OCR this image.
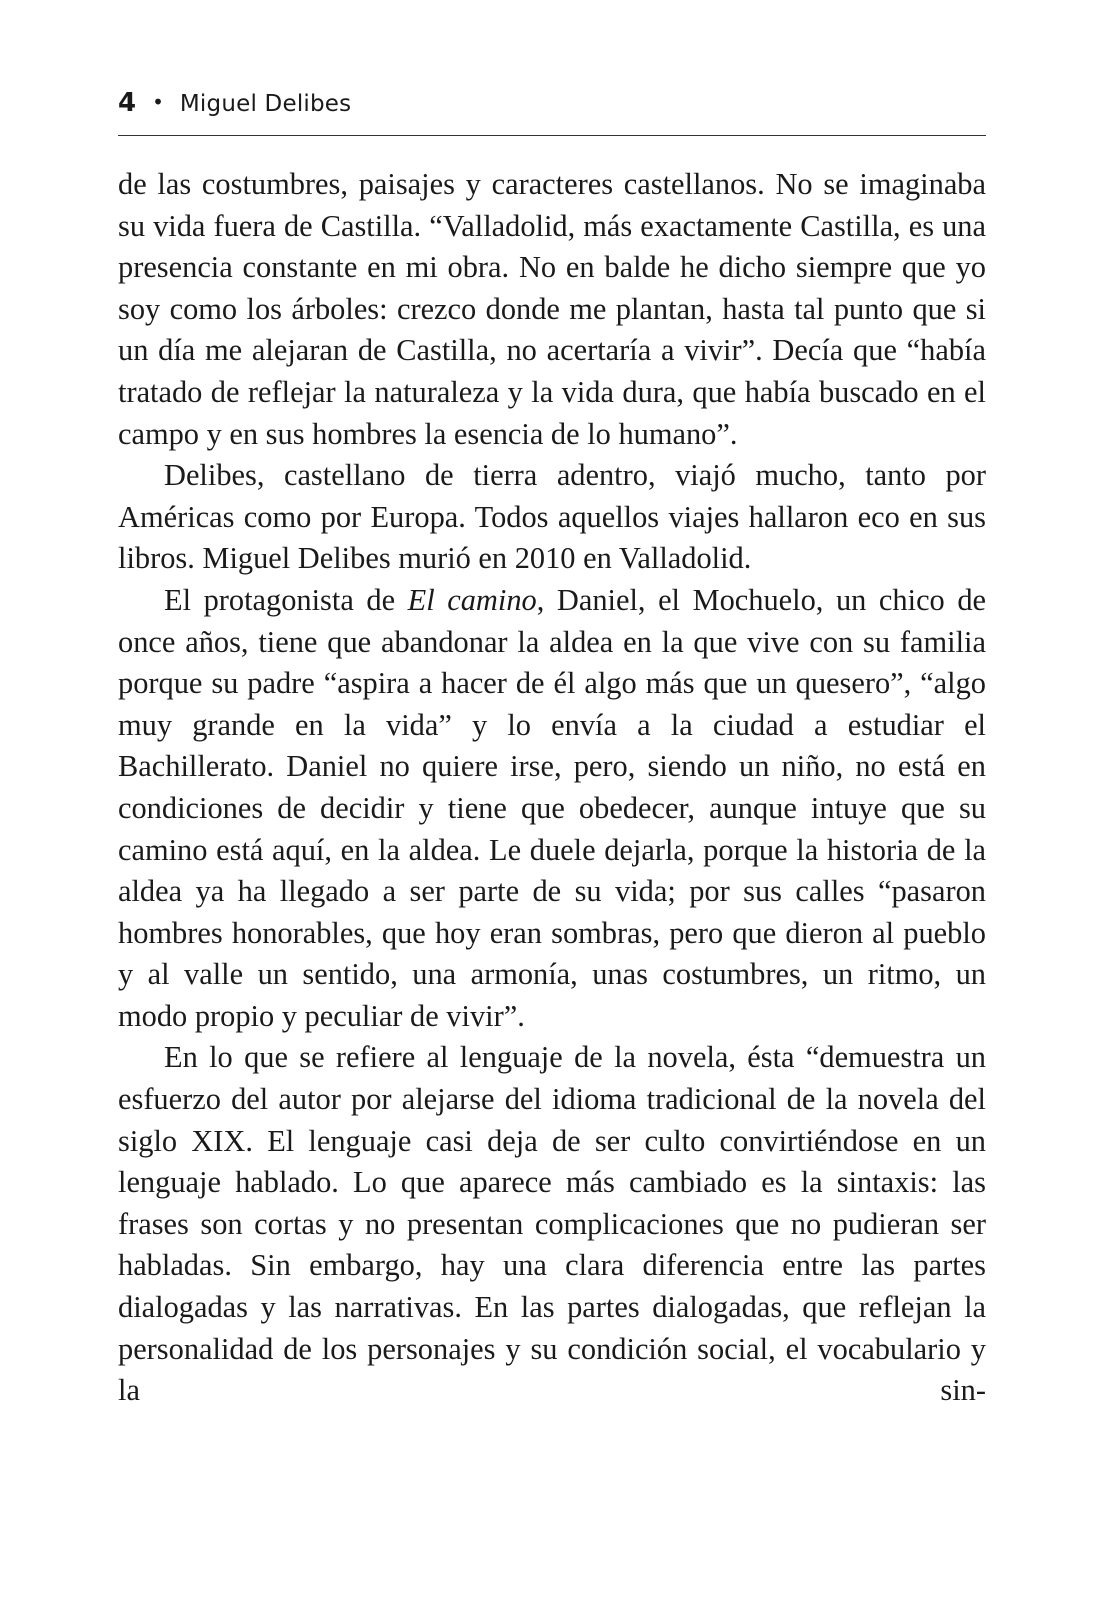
4 • Miguel Delibes

de las costumbres, paisajes y caracteres castellanos. No se imaginaba su vida fuera de Castilla. “Valladolid, más exactamente Castilla, es una presencia constante en mi obra. No en balde he dicho siempre que yo soy como los árboles: crezco donde me plantan, hasta tal punto que si un día me alejaran de Castilla, no acertaría a vivir”. Decía que “había tratado de reflejar la naturaleza y la vida dura, que había buscado en el campo y en sus hombres la esencia de lo humano”.

Delibes, castellano de tierra adentro, viajó mucho, tanto por Américas como por Europa. Todos aquellos viajes hallaron eco en sus libros. Miguel Delibes murió en 2010 en Valladolid.

El protagonista de El camino, Daniel, el Mochuelo, un chico de once años, tiene que abandonar la aldea en la que vive con su familia porque su padre “aspira a hacer de él algo más que un quesero”, “algo muy grande en la vida” y lo envía a la ciudad a estudiar el Bachillerato. Daniel no quiere irse, pero, siendo un niño, no está en condiciones de decidir y tiene que obedecer, aunque intuye que su camino está aquí, en la aldea. Le duele dejarla, porque la historia de la aldea ya ha llegado a ser parte de su vida; por sus calles “pasaron hombres honorables, que hoy eran sombras, pero que dieron al pueblo y al valle un sentido, una armonía, unas costumbres, un ritmo, un modo propio y peculiar de vivir”.

En lo que se refiere al lenguaje de la novela, ésta “demuestra un esfuerzo del autor por alejarse del idioma tradicional de la novela del siglo XIX. El lenguaje casi deja de ser culto convirtiéndose en un lenguaje hablado. Lo que aparece más cambiado es la sintaxis: las frases son cortas y no presentan complicaciones que no pudieran ser habladas. Sin embargo, hay una clara diferencia entre las partes dialogadas y las narrativas. En las partes dialogadas, que reflejan la personalidad de los personajes y su condición social, el vocabulario y la sin-
